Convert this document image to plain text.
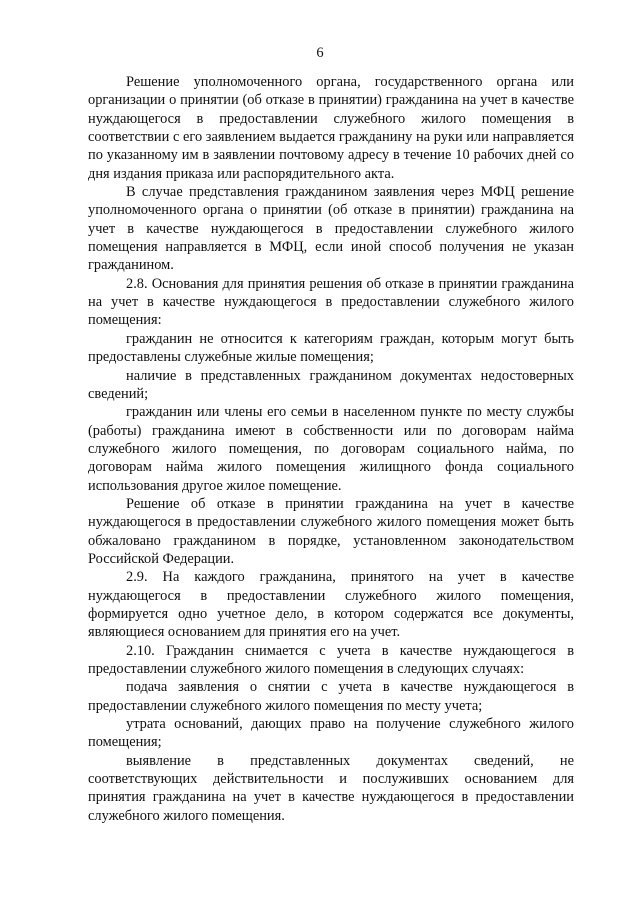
6

Решение уполномоченного органа, государственного органа или организации о принятии (об отказе в принятии) гражданина на учет в качестве нуждающегося в предоставлении служебного жилого помещения в соответствии с его заявлением выдается гражданину на руки или направляется по указанному им в заявлении почтовому адресу в течение 10 рабочих дней со дня издания приказа или распорядительного акта.

В случае представления гражданином заявления через МФЦ решение уполномоченного органа о принятии (об отказе в принятии) гражданина на учет в качестве нуждающегося в предоставлении служебного жилого помещения направляется в МФЦ, если иной способ получения не указан гражданином.

2.8. Основания для принятия решения об отказе в принятии гражданина на учет в качестве нуждающегося в предоставлении служебного жилого помещения:

гражданин не относится к категориям граждан, которым могут быть предоставлены служебные жилые помещения;

наличие в представленных гражданином документах недостоверных сведений;

гражданин или члены его семьи в населенном пункте по месту службы (работы) гражданина имеют в собственности или по договорам найма служебного жилого помещения, по договорам социального найма, по договорам найма жилого помещения жилищного фонда социального использования другое жилое помещение.

Решение об отказе в принятии гражданина на учет в качестве нуждающегося в предоставлении служебного жилого помещения может быть обжаловано гражданином в порядке, установленном законодательством Российской Федерации.

2.9. На каждого гражданина, принятого на учет в качестве нуждающегося в предоставлении служебного жилого помещения, формируется одно учетное дело, в котором содержатся все документы, являющиеся основанием для принятия его на учет.

2.10. Гражданин снимается с учета в качестве нуждающегося в предоставлении служебного жилого помещения в следующих случаях:

подача заявления о снятии с учета в качестве нуждающегося в предоставлении служебного жилого помещения по месту учета;

утрата оснований, дающих право на получение служебного жилого помещения;

выявление в представленных документах сведений, не соответствующих действительности и послуживших основанием для принятия гражданина на учет в качестве нуждающегося в предоставлении служебного жилого помещения.
